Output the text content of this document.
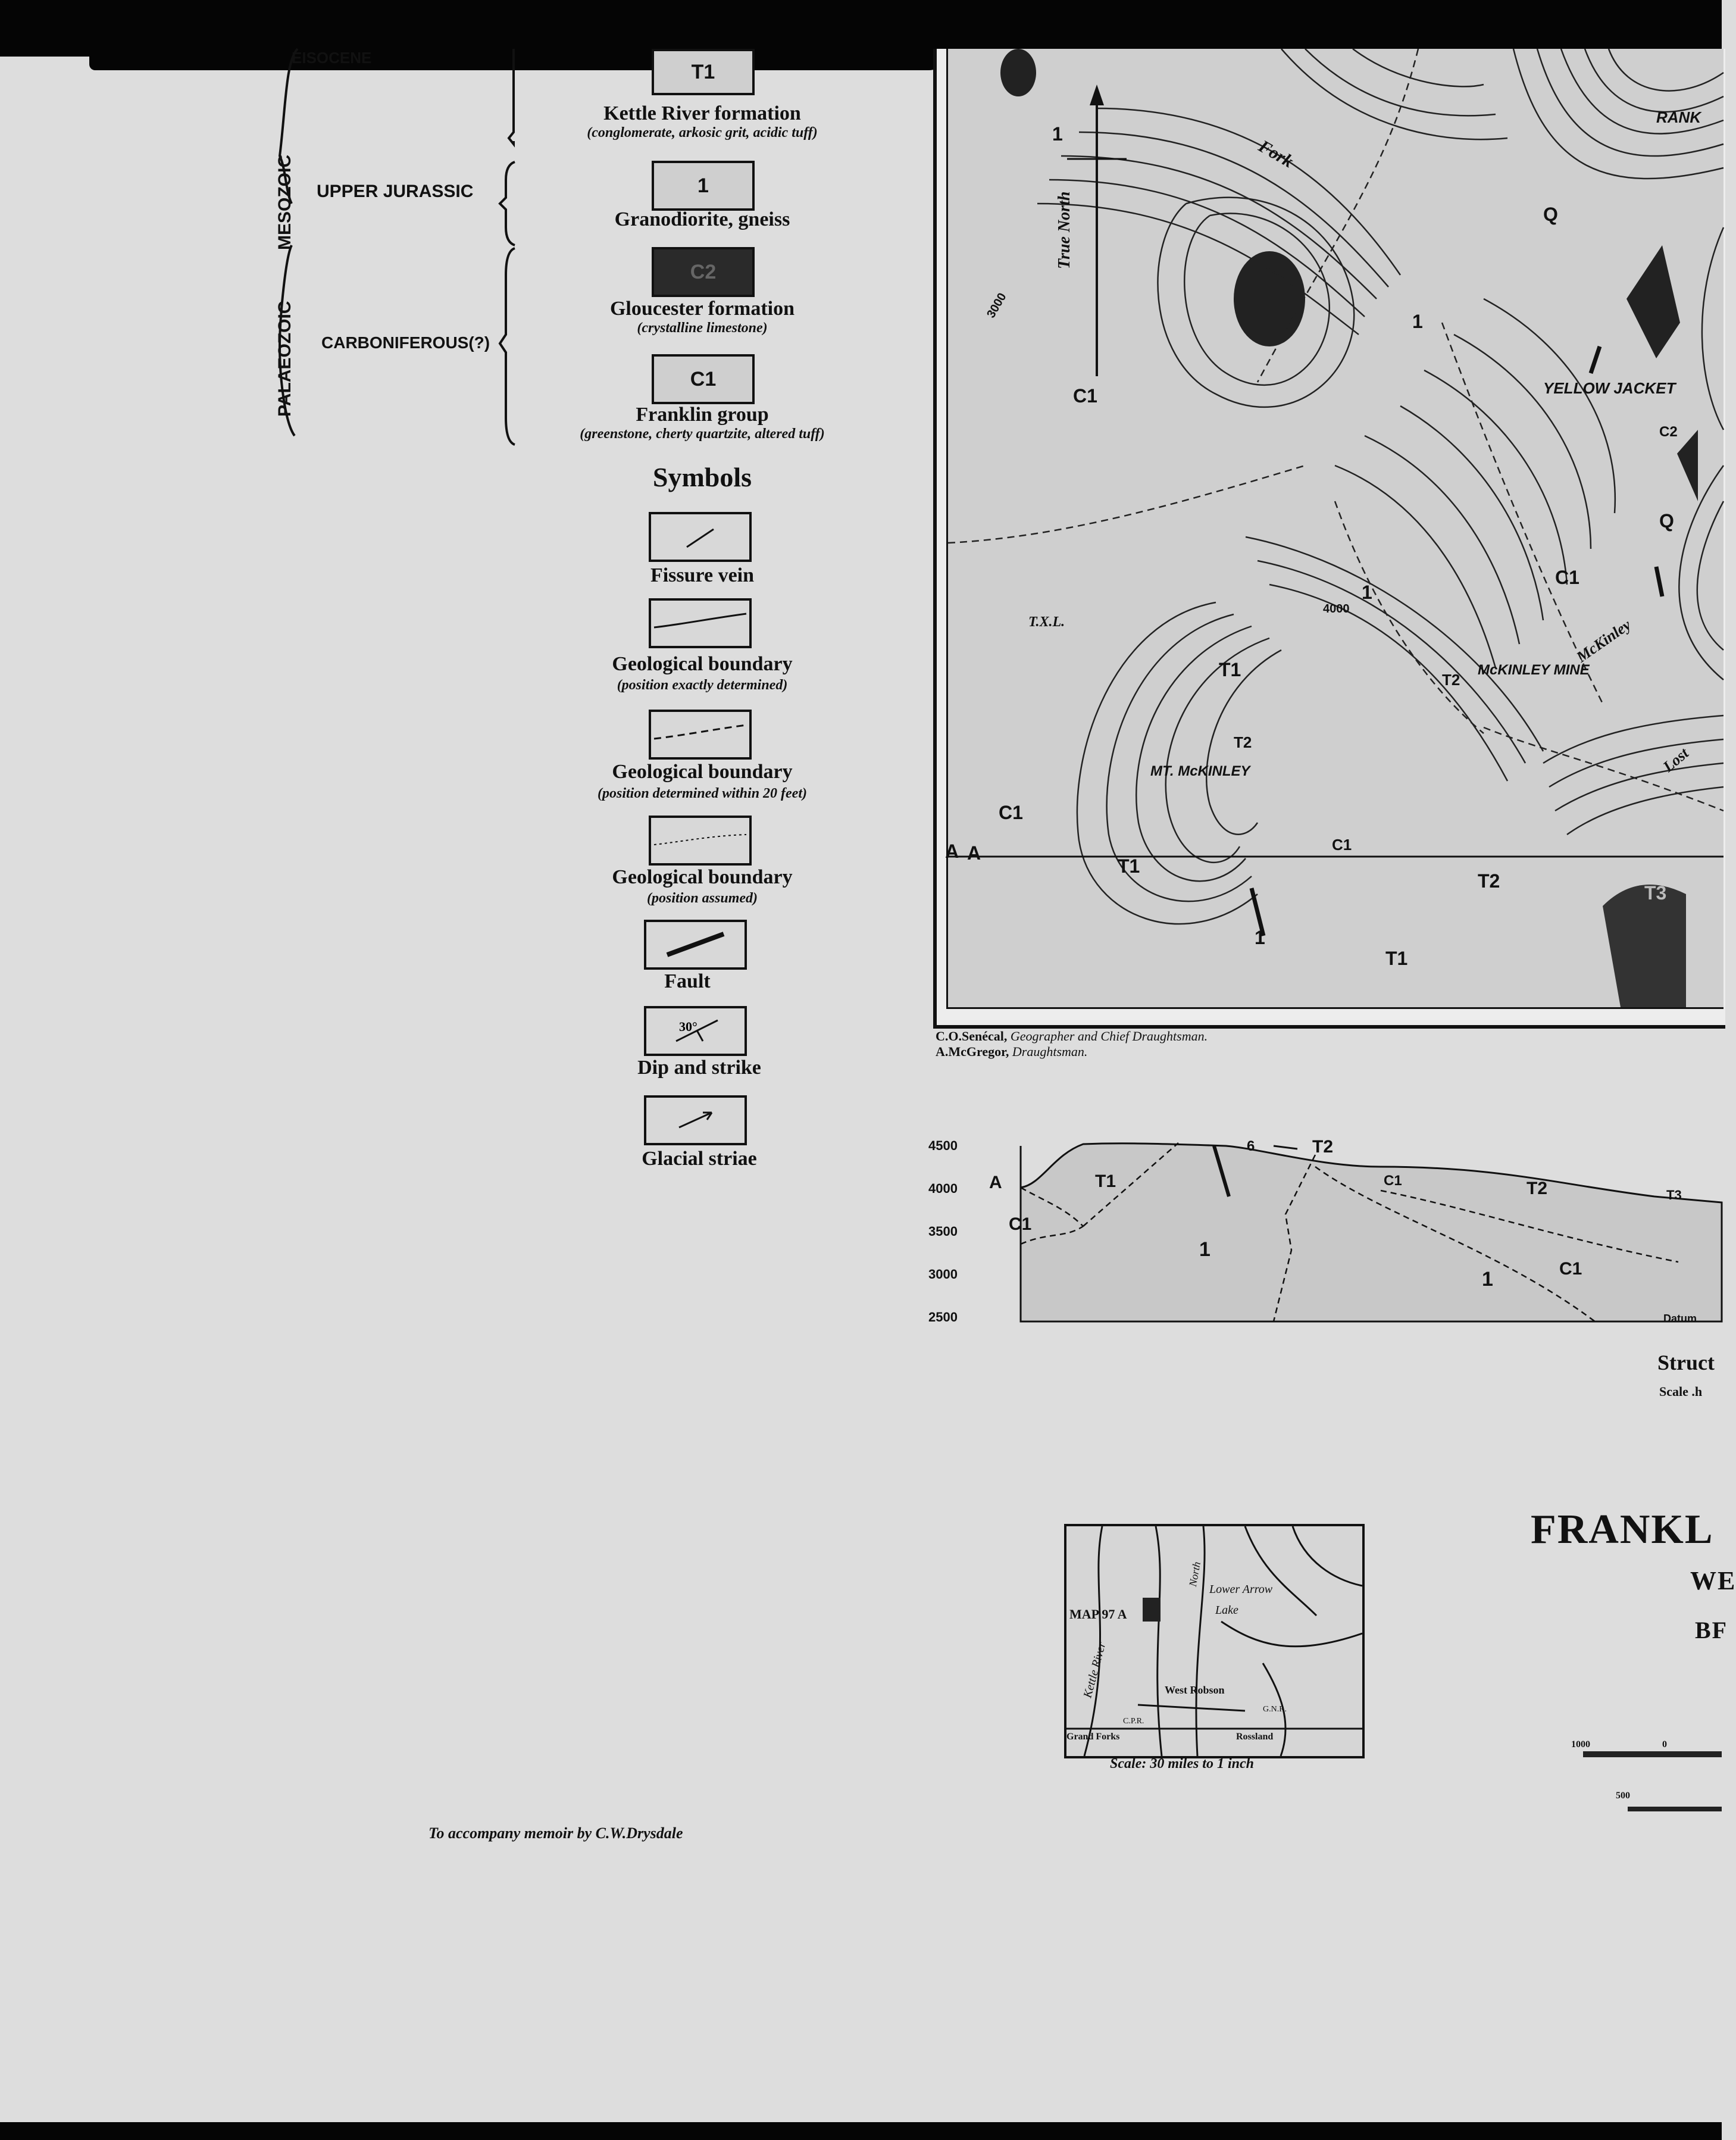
EISOCENE
MESOZOIC
PALAEOZOIC
UPPER JURASSIC
CARBONIFEROUS(?)
T1
Kettle River formation
(conglomerate, arkosic grit, acidic tuff)
1
Granodiorite, gneiss
C2
Gloucester formation
(crystalline limestone)
C1
Franklin group
(greenstone, cherty quartzite, altered tuff)
Symbols
Fissure vein
Geological boundary
(position exactly determined)
Geological boundary
(position determined within 20 feet)
Geological boundary
(position assumed)
Fault
30°
Dip and strike
Glacial striae
1
Fork
True North	Q
1
C1	YELLOW JACKET
C2
Q
C1
1
T.X.L.
T1	T2
McKINLEY MINE
McKinley
Lost
RANK
T2
MT. McKINLEY
C1
C1
T1
T2
T3
1
T1
A
3000
4000
A
C.O.Senécal, Geographer and Chief Draughtsman.
A.McGregor, Draughtsman.
4500
4000
3500
3000
2500
A	T1
6	T2
C1
C1
1
T2
1	C1
T3
Datum
Struct
Scale .h
MAP 97 A
Kettle River
North
Lower Arrow
Lake
West Robson
Grand Forks	Rossland
C.P.R.
G.N.R.
Scale: 30 miles to 1 inch
FRANKL
WE
BF
1000	0
500
To accompany memoir by C.W.Drysdale
